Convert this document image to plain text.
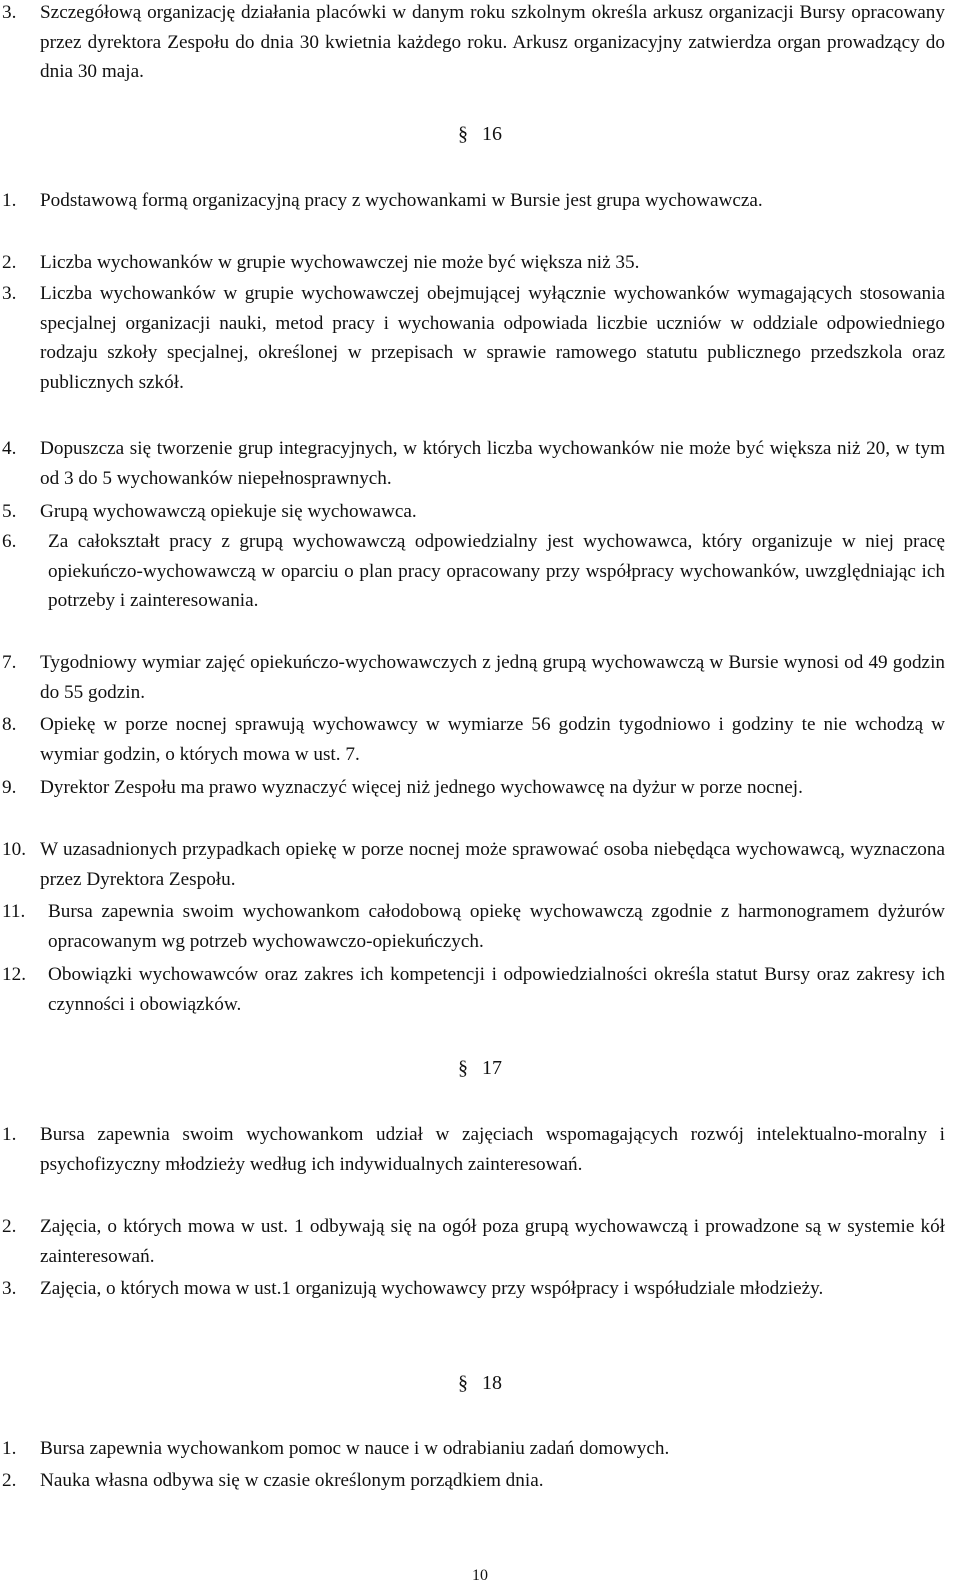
3. Szczegółową organizację działania placówki w danym roku szkolnym określa arkusz organizacji Bursy opracowany przez dyrektora Zespołu do dnia 30 kwietnia każdego roku. Arkusz organizacyjny zatwierdza organ prowadzący do dnia 30 maja.
§ 16
1. Podstawową formą organizacyjną pracy z wychowankami w Bursie jest grupa wychowawcza.
2. Liczba wychowanków w grupie wychowawczej nie może być większa niż 35.
3. Liczba wychowanków w grupie wychowawczej obejmującej wyłącznie wychowanków wymagających stosowania specjalnej organizacji nauki, metod pracy i wychowania odpowiada liczbie uczniów w oddziale odpowiedniego rodzaju szkoły specjalnej, określonej w przepisach w sprawie ramowego statutu publicznego przedszkola oraz publicznych szkół.
4. Dopuszcza się tworzenie grup integracyjnych, w których liczba wychowanków nie może być większa niż 20, w tym od 3 do 5 wychowanków niepełnosprawnych.
5. Grupą wychowawczą opiekuje się wychowawca.
6. Za całokształt pracy z grupą wychowawczą odpowiedzialny jest wychowawca, który organizuje w niej pracę opiekuńczo-wychowawczą w oparciu o plan pracy opracowany przy współpracy wychowanków, uwzględniając ich potrzeby i zainteresowania.
7. Tygodniowy wymiar zajęć opiekuńczo-wychowawczych z jedną grupą wychowawczą w Bursie wynosi od 49 godzin do 55 godzin.
8. Opiekę w porze nocnej sprawują wychowawcy w wymiarze 56 godzin tygodniowo i godziny te nie wchodzą w wymiar godzin, o których mowa w ust. 7.
9. Dyrektor Zespołu ma prawo wyznaczyć więcej niż jednego wychowawcę na dyżur w porze nocnej.
10. W uzasadnionych przypadkach opiekę w porze nocnej może sprawować osoba niebędąca wychowawcą, wyznaczona przez Dyrektora Zespołu.
11. Bursa zapewnia swoim wychowankom całodobową opiekę wychowawczą zgodnie z harmonogramem dyżurów opracowanym wg potrzeb wychowawczo-opiekuńczych.
12. Obowiązki wychowawców oraz zakres ich kompetencji i odpowiedzialności określa statut Bursy oraz zakresy ich czynności i obowiązków.
§ 17
1. Bursa zapewnia swoim wychowankom udział w zajęciach wspomagających rozwój intelektualno-moralny i psychofizyczny młodzieży według ich indywidualnych zainteresowań.
2. Zajęcia, o których mowa w ust. 1 odbywają się na ogół poza grupą wychowawczą i prowadzone są w systemie kół zainteresowań.
3. Zajęcia, o których mowa w ust.1 organizują wychowawcy przy współpracy i współudziale młodzieży.
§ 18
1. Bursa zapewnia wychowankom pomoc w nauce i w odrabianiu zadań domowych.
2. Nauka własna odbywa się w czasie określonym porządkiem dnia.
10
